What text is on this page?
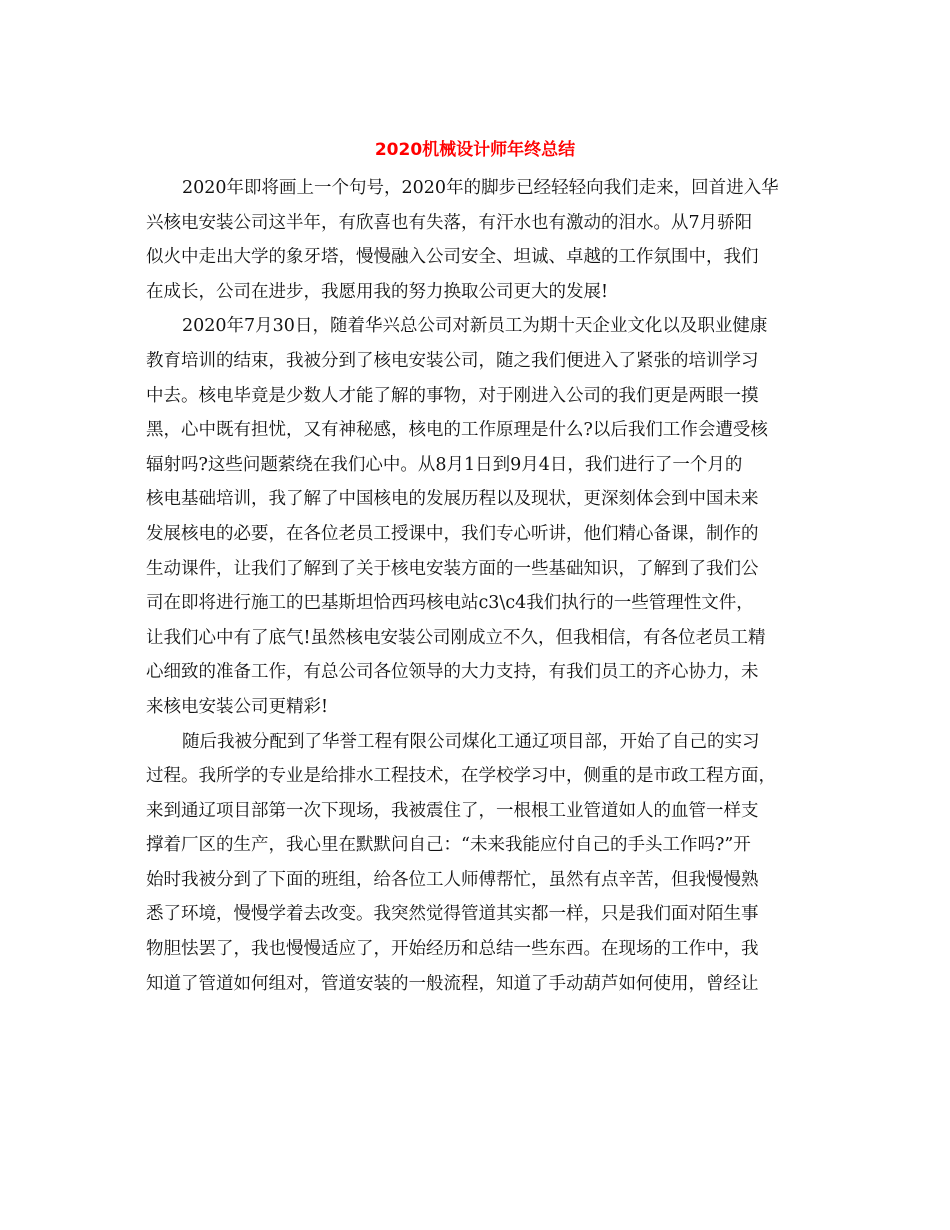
2020机械设计师年终总结
2020年即将画上一个句号，2020年的脚步已经轻轻向我们走来，回首进入华
兴核电安装公司这半年，有欣喜也有失落，有汗水也有激动的泪水。从7月骄阳
似火中走出大学的象牙塔，慢慢融入公司安全、坦诚、卓越的工作氛围中，我们
在成长，公司在进步，我愿用我的努力换取公司更大的发展!
2020年7月30日，随着华兴总公司对新员工为期十天企业文化以及职业健康
教育培训的结束，我被分到了核电安装公司，随之我们便进入了紧张的培训学习
中去。核电毕竟是少数人才能了解的事物，对于刚进入公司的我们更是两眼一摸
黑，心中既有担忧，又有神秘感，核电的工作原理是什么?以后我们工作会遭受核
辐射吗?这些问题萦绕在我们心中。从8月1日到9月4日，我们进行了一个月的
核电基础培训，我了解了中国核电的发展历程以及现状，更深刻体会到中国未来
发展核电的必要，在各位老员工授课中，我们专心听讲，他们精心备课，制作的
生动课件，让我们了解到了关于核电安装方面的一些基础知识，了解到了我们公
司在即将进行施工的巴基斯坦恰西玛核电站c3\c4我们执行的一些管理性文件，
让我们心中有了底气!虽然核电安装公司刚成立不久，但我相信，有各位老员工精
心细致的准备工作，有总公司各位领导的大力支持，有我们员工的齐心协力，未
来核电安装公司更精彩!
随后我被分配到了华誉工程有限公司煤化工通辽项目部，开始了自己的实习
过程。我所学的专业是给排水工程技术，在学校学习中，侧重的是市政工程方面，
来到通辽项目部第一次下现场，我被震住了，一根根工业管道如人的血管一样支
撑着厂区的生产，我心里在默默问自己：“未来我能应付自己的手头工作吗?”开
始时我被分到了下面的班组，给各位工人师傅帮忙，虽然有点辛苦，但我慢慢熟
悉了环境，慢慢学着去改变。我突然觉得管道其实都一样，只是我们面对陌生事
物胆怯罢了，我也慢慢适应了，开始经历和总结一些东西。在现场的工作中，我
知道了管道如何组对，管道安装的一般流程，知道了手动葫芦如何使用，曾经让
